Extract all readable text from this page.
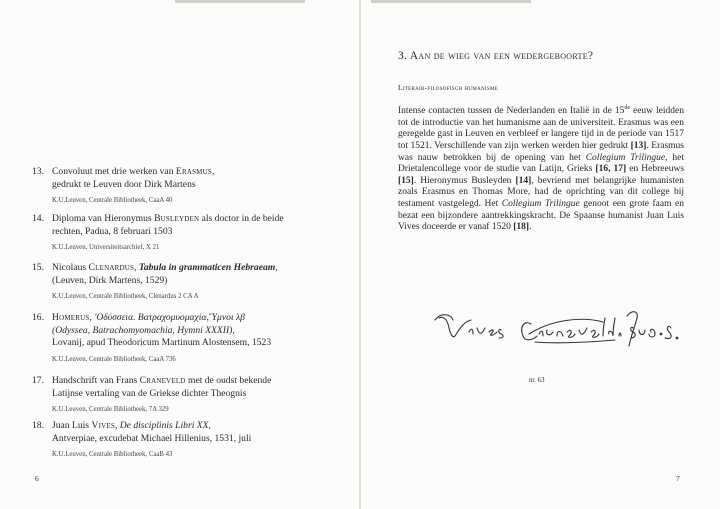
13. Convoluut met drie werken van Erasmus,
gedrukt te Leuven door Dirk Martens
K.U.Leuven, Centrale Bibliotheek, CaaA 40
14. Diploma van Hieronymus Busleyden als doctor in de beide
rechten, Padua, 8 februari 1503
K.U.Leuven, Universiteitsarchief, X 21
15. Nicolaus Clenardus, Tabula in grammaticen Hebraeam,
(Leuven, Dirk Martens, 1529)
K.U.Leuven, Centrale Bibliotheek, Clenardus 2 CA A
16. Homerus, 'Οδύσσεια. Βατραχομυομαχία,Ὕμνοι λβ
(Odyssea, Batrachomyomachia, Hymni XXXII),
Lovanij, apud Theodoricum Martinum Alostensem, 1523
K.U.Leuven, Centrale Bibliotheek, CaaA 736
17. Handschrift van Frans Craneveld met de oudst bekende
Latijnse vertaling van de Griekse dichter Theognis
K.U.Leuven, Centrale Bibliotheek, 7A 329
18. Juan Luis Vives, De disciplinis Libri XX,
Antverpiae, excudebat Michael Hillenius, 1531, juli
K.U.Leuven, Centrale Bibliotheek, CaaB 43
6
3. Aan de wieg van een wedergeboorte?
Literair-filosofisch humanisme
Intense contacten tussen de Nederlanden en Italië in de 15de eeuw leidden tot de introductie van het humanisme aan de universiteit. Erasmus was een geregelde gast in Leuven en verbleef er langere tijd in de periode van 1517 tot 1521. Verschillende van zijn werken werden hier gedrukt [13]. Erasmus was nauw betrokken bij de opening van het Collegium Trilingue, het Drietalencollege voor de studie van Latijn, Grieks [16, 17] en Hebreeuws [15]. Hieronymus Busleyden [14], bevriend met belangrijke humanisten zoals Erasmus en Thomas More, had de oprichting van dit college bij testament vastgelegd. Het Collegium Trilingue genoot een grote faam en bezat een bijzondere aantrekkingskracht. De Spaanse humanist Juan Luis Vives doceerde er vanaf 1520 [18].
nr. 63
7
